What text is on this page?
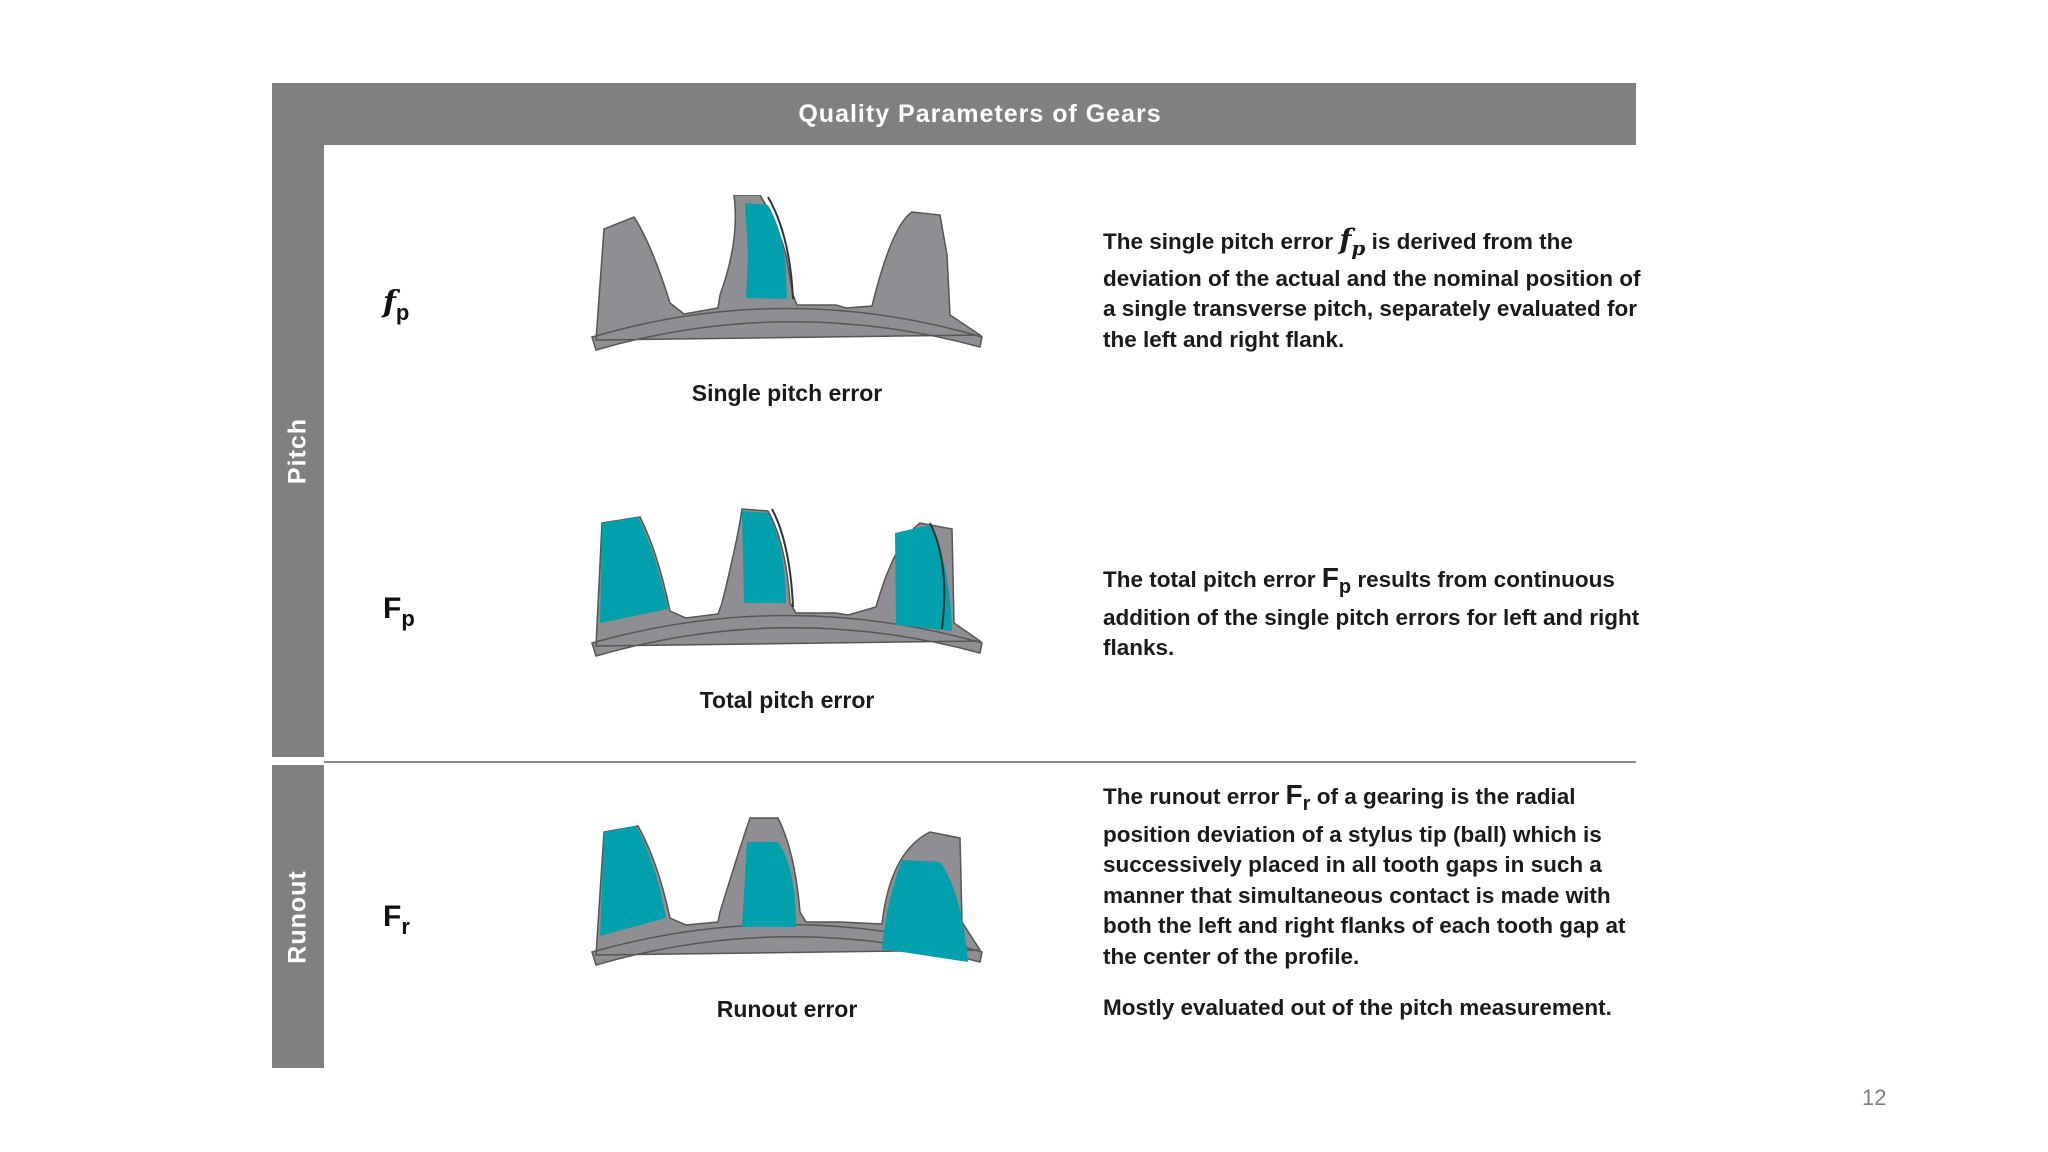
Quality Parameters of Gears
Pitch
Runout
$f_p$
Single pitch error
The single pitch error $f_p$ is derived from the deviation of the actual and the nominal position of a single transverse pitch, separately evaluated for the left and right flank.
$F_p$
Total pitch error
The total pitch error $F_p$ results from continuous addition of the single pitch errors for left and right flanks.
$F_r$
Runout error
The runout error $F_r$ of a gearing is the radial position deviation of a stylus tip (ball) which is successively placed in all tooth gaps in such a manner that simultaneous contact is made with both the left and right flanks of each tooth gap at the center of the profile.
Mostly evaluated out of the pitch measurement.
12
